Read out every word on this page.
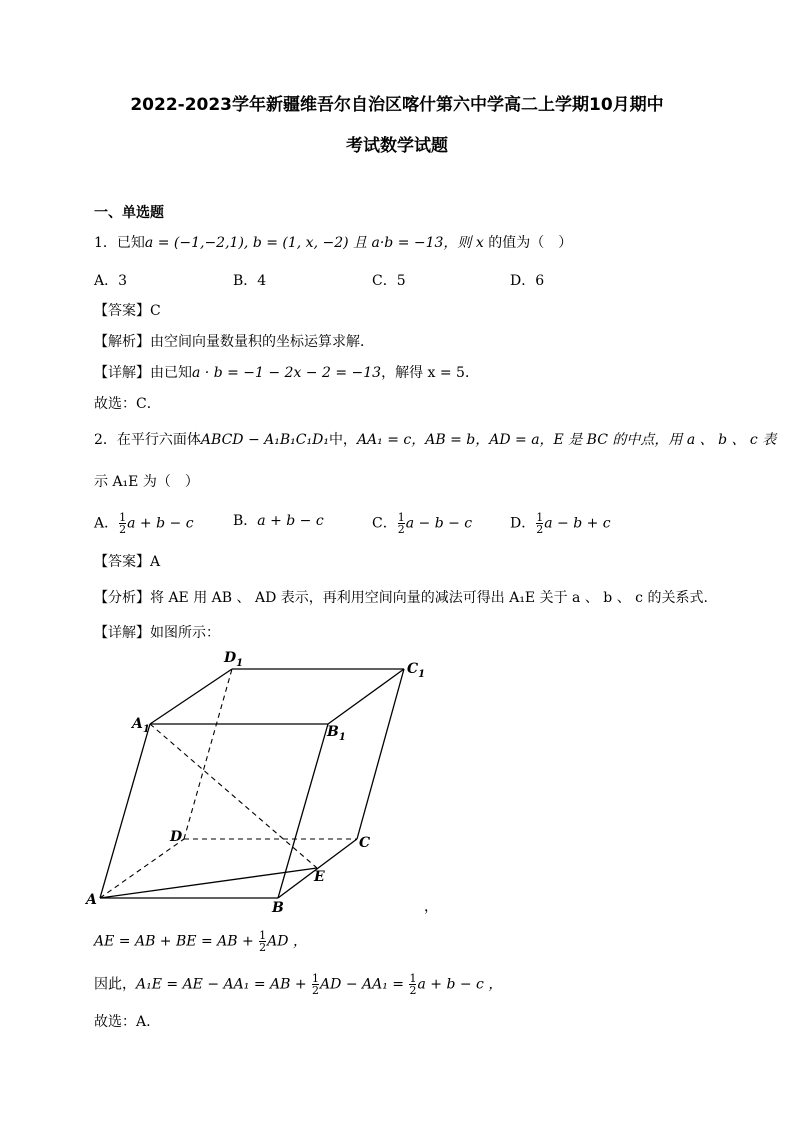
2022-2023学年新疆维吾尔自治区喀什第六中学高二上学期10月期中
考试数学试题
一、单选题
1．已知a = (−1,−2,1), b = (1, x, −2) 且 a·b = −13，则 x 的值为（　）
A．3	B．4	C．5	D．6
【答案】C
【解析】由空间向量数量积的坐标运算求解．
【详解】由已知a · b = −1 − 2x − 2 = −13，解得 x = 5．
故选：C．
2．在平行六面体ABCD − A₁B₁C₁D₁中，AA₁ = c，AB = b，AD = a，E 是 BC 的中点，用 a 、 b 、 c 表
示 A₁E 为（　）
A． $\frac{1}{2}$ a + b − c	B．a + b − c	C． $\frac{1}{2}$ a − b − c	D． $\frac{1}{2}$ a − b + c
【答案】A
【分析】将 AE 用 AB 、 AD 表示，再利用空间向量的减法可得出 A₁E 关于 a 、 b 、 c 的关系式.
【详解】如图所示：
$D_1$	$C_1$
$A_1$	$B_1$
D	C
E
A	B	，
AE = AB + BE = AB + $\frac{1}{2}$ AD ，
因此，A₁E = AE − AA₁ = AB + $\frac{1}{2}$ AD − $AA_1 = \frac{1}{2}$ a + b − c ，
故选：A.
